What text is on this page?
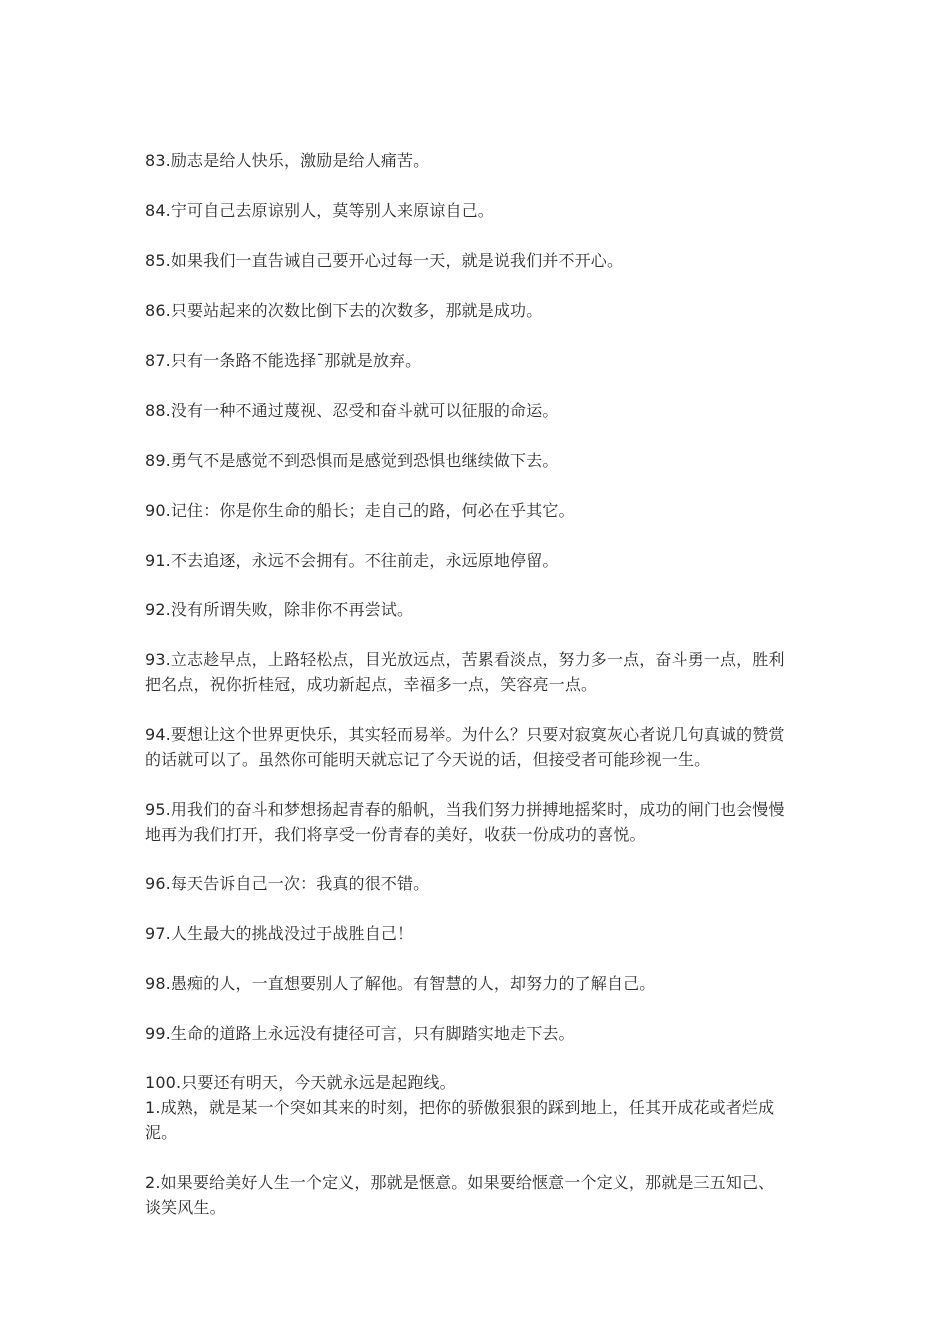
83.励志是给人快乐，激励是给人痛苦。
84.宁可自己去原谅别人，莫等别人来原谅自己。
85.如果我们一直告诫自己要开心过每一天，就是说我们并不开心。
86.只要站起来的次数比倒下去的次数多，那就是成功。
87.只有一条路不能选择¯那就是放弃。
88.没有一种不通过蔑视、忍受和奋斗就可以征服的命运。
89.勇气不是感觉不到恐惧而是感觉到恐惧也继续做下去。
90.记住：你是你生命的船长；走自己的路，何必在乎其它。
91.不去追逐，永远不会拥有。不往前走，永远原地停留。
92.没有所谓失败，除非你不再尝试。
93.立志趁早点，上路轻松点，目光放远点，苦累看淡点，努力多一点，奋斗勇一点，胜利
把名点，祝你折桂冠，成功新起点，幸福多一点，笑容亮一点。
94.要想让这个世界更快乐，其实轻而易举。为什么？只要对寂寞灰心者说几句真诚的赞赏
的话就可以了。虽然你可能明天就忘记了今天说的话，但接受者可能珍视一生。
95.用我们的奋斗和梦想扬起青春的船帆，当我们努力拼搏地摇桨时，成功的闸门也会慢慢
地再为我们打开，我们将享受一份青春的美好，收获一份成功的喜悦。
96.每天告诉自己一次：我真的很不错。
97.人生最大的挑战没过于战胜自己！
98.愚痴的人，一直想要别人了解他。有智慧的人，却努力的了解自己。
99.生命的道路上永远没有捷径可言，只有脚踏实地走下去。
100.只要还有明天，今天就永远是起跑线。
1.成熟，就是某一个突如其来的时刻，把你的骄傲狠狠的踩到地上，任其开成花或者烂成
泥。
2.如果要给美好人生一个定义，那就是惬意。如果要给惬意一个定义，那就是三五知己、
谈笑风生。
